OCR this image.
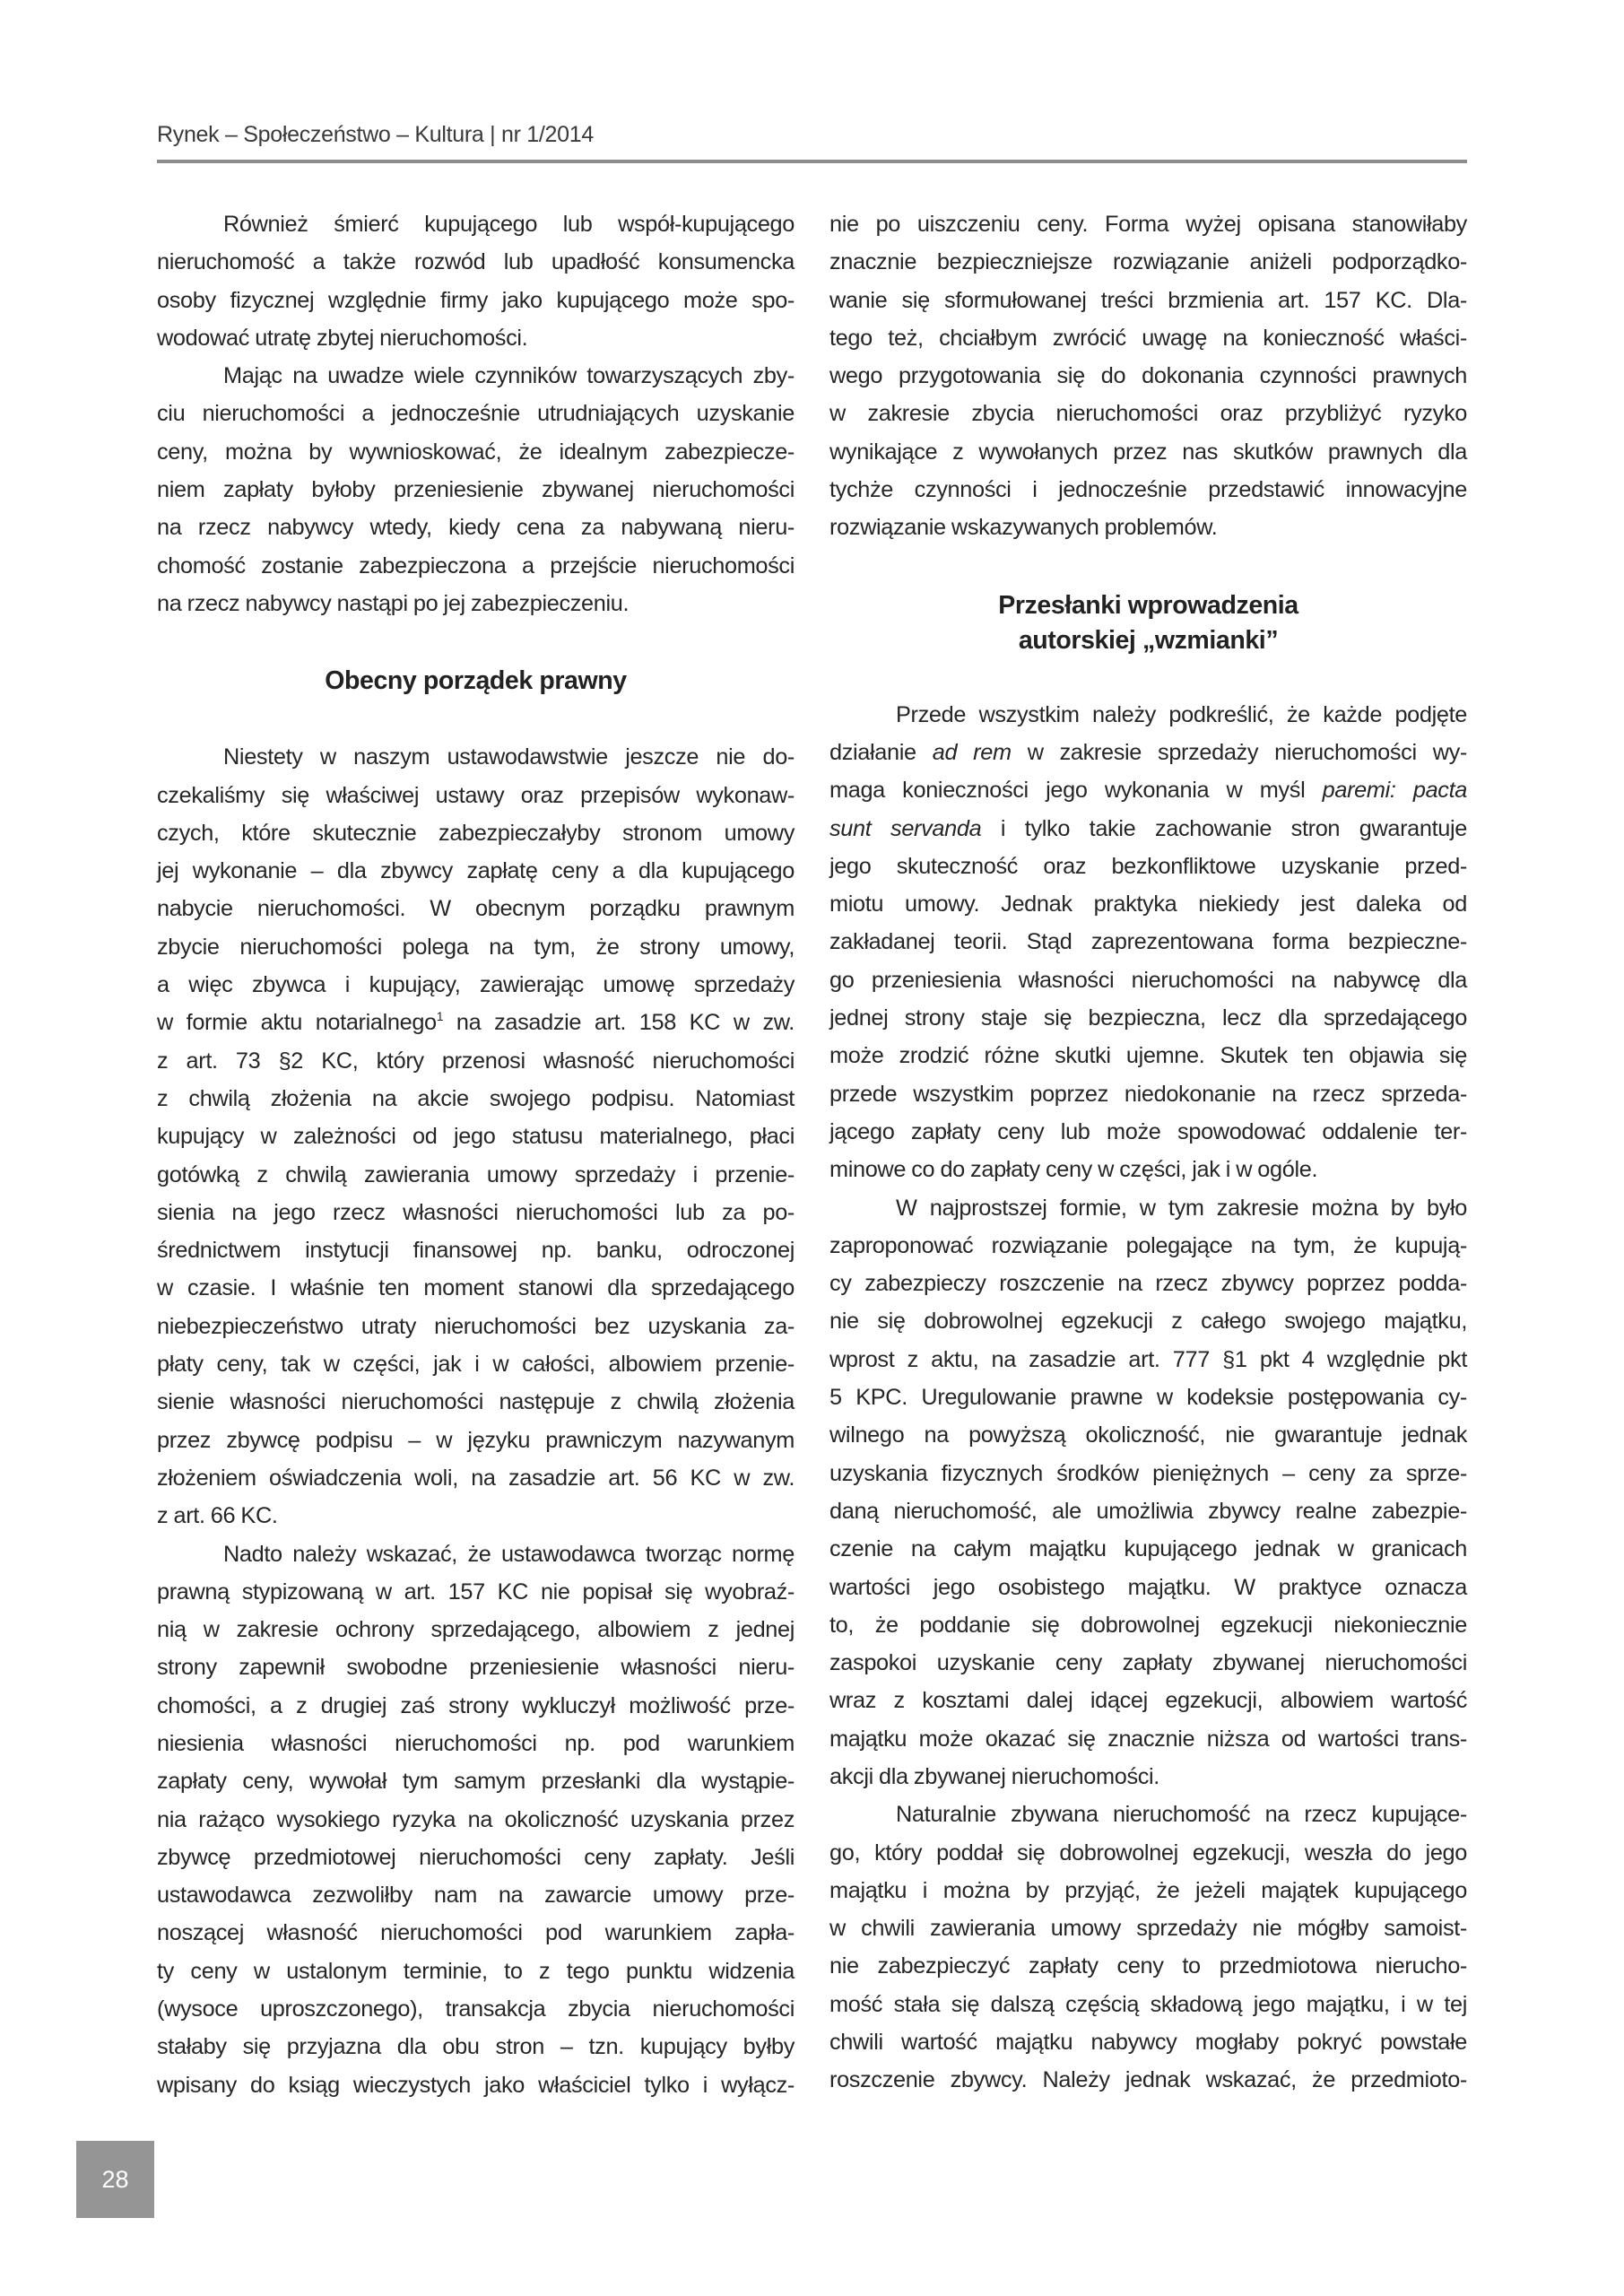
Rynek – Społeczeństwo – Kultura | nr 1/2014
Również śmierć kupującego lub współ-kupującego
nieruchomość a także rozwód lub upadłość konsumencka
osoby fizycznej względnie firmy jako kupującego może spo-
wodować utratę zbytej nieruchomości.
Mając na uwadze wiele czynników towarzyszących zby-
ciu nieruchomości a jednocześnie utrudniających uzyskanie
ceny, można by wywnioskować, że idealnym zabezpiecze-
niem zapłaty byłoby przeniesienie zbywanej nieruchomości
na rzecz nabywcy wtedy, kiedy cena za nabywaną nieru-
chomość zostanie zabezpieczona a przejście nieruchomości
na rzecz nabywcy nastąpi po jej zabezpieczeniu.
Obecny porządek prawny
Niestety w naszym ustawodawstwie jeszcze nie do-
czekaliśmy się właściwej ustawy oraz przepisów wykonaw-
czych, które skutecznie zabezpieczałyby stronom umowy
jej wykonanie – dla zbywcy zapłatę ceny a dla kupującego
nabycie nieruchomości. W obecnym porządku prawnym
zbycie nieruchomości polega na tym, że strony umowy,
a więc zbywca i kupujący, zawierając umowę sprzedaży
w formie aktu notarialnego$^1$ na zasadzie art. 158 KC w zw.
z art. 73 §2 KC, który przenosi własność nieruchomości
z chwilą złożenia na akcie swojego podpisu. Natomiast
kupujący w zależności od jego statusu materialnego, płaci
gotówką z chwilą zawierania umowy sprzedaży i przenie-
sienia na jego rzecz własności nieruchomości lub za po-
średnictwem instytucji finansowej np. banku, odroczonej
w czasie. I właśnie ten moment stanowi dla sprzedającego
niebezpieczeństwo utraty nieruchomości bez uzyskania za-
płaty ceny, tak w części, jak i w całości, albowiem przenie-
sienie własności nieruchomości następuje z chwilą złożenia
przez zbywcę podpisu – w języku prawniczym nazywanym
złożeniem oświadczenia woli, na zasadzie art. 56 KC w zw.
z art. 66 KC.
Nadto należy wskazać, że ustawodawca tworząc normę
prawną stypizowaną w art. 157 KC nie popisał się wyobraź-
nią w zakresie ochrony sprzedającego, albowiem z jednej
strony zapewnił swobodne przeniesienie własności nieru-
chomości, a z drugiej zaś strony wykluczył możliwość prze-
niesienia własności nieruchomości np. pod warunkiem
zapłaty ceny, wywołał tym samym przesłanki dla wystąpie-
nia rażąco wysokiego ryzyka na okoliczność uzyskania przez
zbywcę przedmiotowej nieruchomości ceny zapłaty. Jeśli
ustawodawca zezwoliłby nam na zawarcie umowy prze-
noszącej własność nieruchomości pod warunkiem zapła-
ty ceny w ustalonym terminie, to z tego punktu widzenia
(wysoce uproszczonego), transakcja zbycia nieruchomości
stałaby się przyjazna dla obu stron – tzn. kupujący byłby
wpisany do ksiąg wieczystych jako właściciel tylko i wyłącz-
nie po uiszczeniu ceny. Forma wyżej opisana stanowiłaby
znacznie bezpieczniejsze rozwiązanie aniżeli podporządko-
wanie się sformułowanej treści brzmienia art. 157 KC. Dla-
tego też, chciałbym zwrócić uwagę na konieczność właści-
wego przygotowania się do dokonania czynności prawnych
w zakresie zbycia nieruchomości oraz przybliżyć ryzyko
wynikające z wywołanych przez nas skutków prawnych dla
tychże czynności i jednocześnie przedstawić innowacyjne
rozwiązanie wskazywanych problemów.
Przesłanki wprowadzenia
autorskiej „wzmianki”
Przede wszystkim należy podkreślić, że każde podjęte
działanie ad rem w zakresie sprzedaży nieruchomości wy-
maga konieczności jego wykonania w myśl paremi: pacta
sunt servanda i tylko takie zachowanie stron gwarantuje
jego skuteczność oraz bezkonfliktowe uzyskanie przed-
miotu umowy. Jednak praktyka niekiedy jest daleka od
zakładanej teorii. Stąd zaprezentowana forma bezpieczne-
go przeniesienia własności nieruchomości na nabywcę dla
jednej strony staje się bezpieczna, lecz dla sprzedającego
może zrodzić różne skutki ujemne. Skutek ten objawia się
przede wszystkim poprzez niedokonanie na rzecz sprzeda-
jącego zapłaty ceny lub może spowodować oddalenie ter-
minowe co do zapłaty ceny w części, jak i w ogóle.
W najprostszej formie, w tym zakresie można by było
zaproponować rozwiązanie polegające na tym, że kupują-
cy zabezpieczy roszczenie na rzecz zbywcy poprzez podda-
nie się dobrowolnej egzekucji z całego swojego majątku,
wprost z aktu, na zasadzie art. 777 §1 pkt 4 względnie pkt
5 KPC. Uregulowanie prawne w kodeksie postępowania cy-
wilnego na powyższą okoliczność, nie gwarantuje jednak
uzyskania fizycznych środków pieniężnych – ceny za sprze-
daną nieruchomość, ale umożliwia zbywcy realne zabezpie-
czenie na całym majątku kupującego jednak w granicach
wartości jego osobistego majątku. W praktyce oznacza
to, że poddanie się dobrowolnej egzekucji niekoniecznie
zaspokoi uzyskanie ceny zapłaty zbywanej nieruchomości
wraz z kosztami dalej idącej egzekucji, albowiem wartość
majątku może okazać się znacznie niższa od wartości trans-
akcji dla zbywanej nieruchomości.
Naturalnie zbywana nieruchomość na rzecz kupujące-
go, który poddał się dobrowolnej egzekucji, weszła do jego
majątku i można by przyjąć, że jeżeli majątek kupującego
w chwili zawierania umowy sprzedaży nie mógłby samoist-
nie zabezpieczyć zapłaty ceny to przedmiotowa nierucho-
mość stała się dalszą częścią składową jego majątku, i w tej
chwili wartość majątku nabywcy mogłaby pokryć powstałe
roszczenie zbywcy. Należy jednak wskazać, że przedmioto-
28
